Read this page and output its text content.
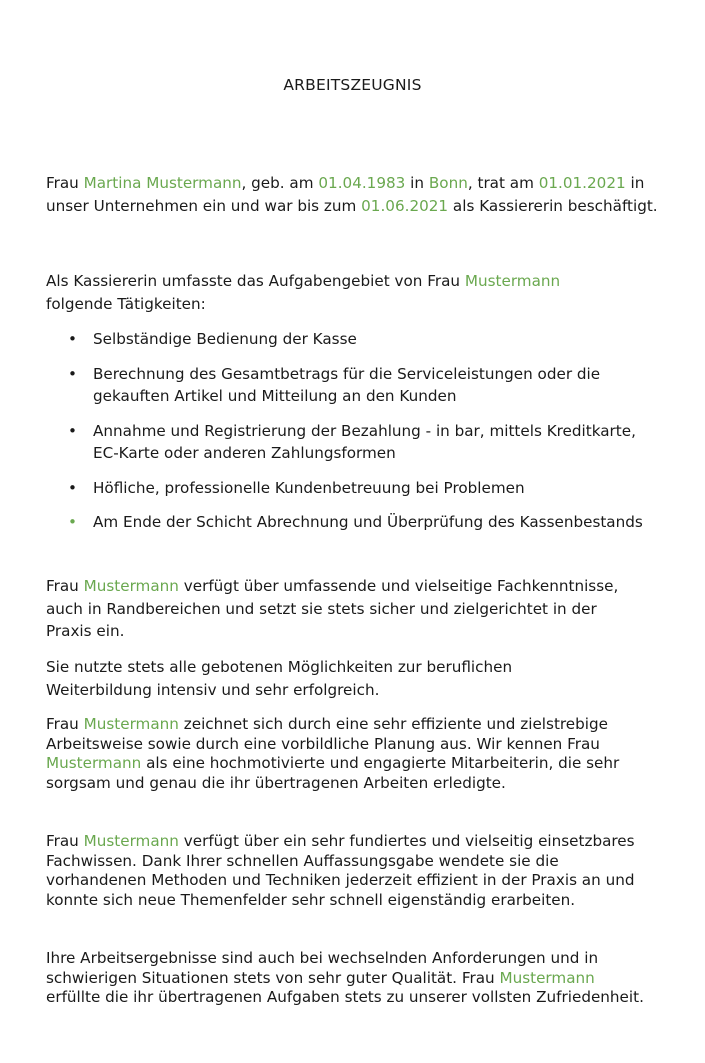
ARBEITSZEUGNIS
Frau Martina Mustermann, geb. am 01.04.1983 in Bonn, trat am 01.01.2021 in unser Unternehmen ein und war bis zum 01.06.2021 als Kassiererin beschäftigt.
Als Kassiererin umfasste das Aufgabengebiet von Frau Mustermann folgende Tätigkeiten:
• Selbständige Bedienung der Kasse
• Berechnung des Gesamtbetrags für die Serviceleistungen oder die gekauften Artikel und Mitteilung an den Kunden
• Annahme und Registrierung der Bezahlung - in bar, mittels Kreditkarte, EC-Karte oder anderen Zahlungsformen
• Höfliche, professionelle Kundenbetreuung bei Problemen
• Am Ende der Schicht Abrechnung und Überprüfung des Kassenbestands
Frau Mustermann verfügt über umfassende und vielseitige Fachkenntnisse, auch in Randbereichen und setzt sie stets sicher und zielgerichtet in der Praxis ein.
Sie nutzte stets alle gebotenen Möglichkeiten zur beruflichen Weiterbildung intensiv und sehr erfolgreich.
Frau Mustermann zeichnet sich durch eine sehr effiziente und zielstrebige Arbeitsweise sowie durch eine vorbildliche Planung aus. Wir kennen Frau Mustermann als eine hochmotivierte und engagierte Mitarbeiterin, die sehr sorgsam und genau die ihr übertragenen Arbeiten erledigte.
Frau Mustermann verfügt über ein sehr fundiertes und vielseitig einsetzbares Fachwissen. Dank Ihrer schnellen Auffassungsgabe wendete sie die vorhandenen Methoden und Techniken jederzeit effizient in der Praxis an und konnte sich neue Themenfelder sehr schnell eigenständig erarbeiten.
Ihre Arbeitsergebnisse sind auch bei wechselnden Anforderungen und in schwierigen Situationen stets von sehr guter Qualität. Frau Mustermann erfüllte die ihr übertragenen Aufgaben stets zu unserer vollsten Zufriedenheit.
